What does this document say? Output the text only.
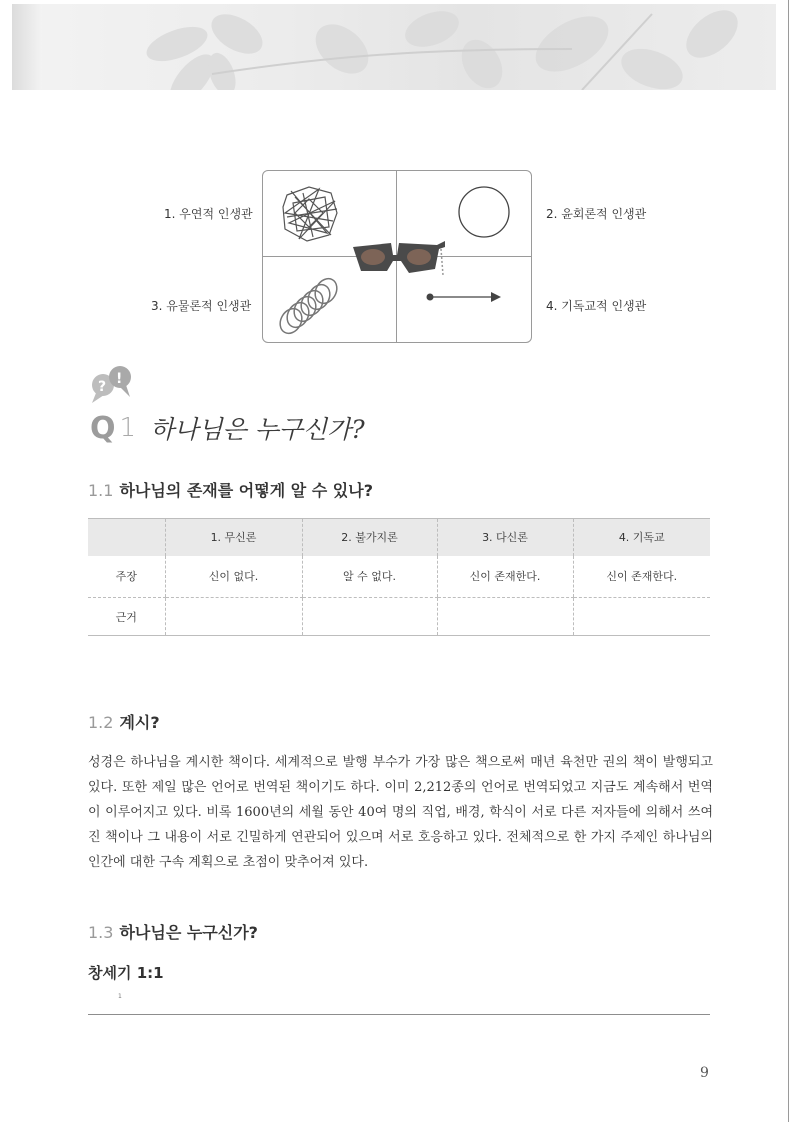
1. 우연적 인생관	2. 윤회론적 인생관
3. 유물론적 인생관	4. 기독교적 인생관
? !
Q 1 하나님은 누구신가?
1.1 하나님의 존재를 어떻게 알 수 있나?
	1. 무신론	2. 불가지론	3. 다신론	4. 기독교
주장	신이 없다.	알 수 없다.	신이 존재한다.	신이 존재한다.
근거				
1.2 계시?

성경은 하나님을 계시한 책이다. 세계적으로 발행 부수가 가장 많은 책으로써 매년 육천만 권의 책이 발행되고 있다. 또한 제일 많은 언어로 번역된 책이기도 하다. 이미 2,212종의 언어로 번역되었고 지금도 계속해서 번역이 이루어지고 있다. 비록 1600년의 세월 동안 40여 명의 직업, 배경, 학식이 서로 다른 저자들에 의해서 쓰여진 책이나 그 내용이 서로 긴밀하게 연관되어 있으며 서로 호응하고 있다. 전체적으로 한 가지 주제인 하나님의 인간에 대한 구속 계획으로 초점이 맞추어져 있다.

1.3 하나님은 누구신가?
창세기 1:1
1
9
